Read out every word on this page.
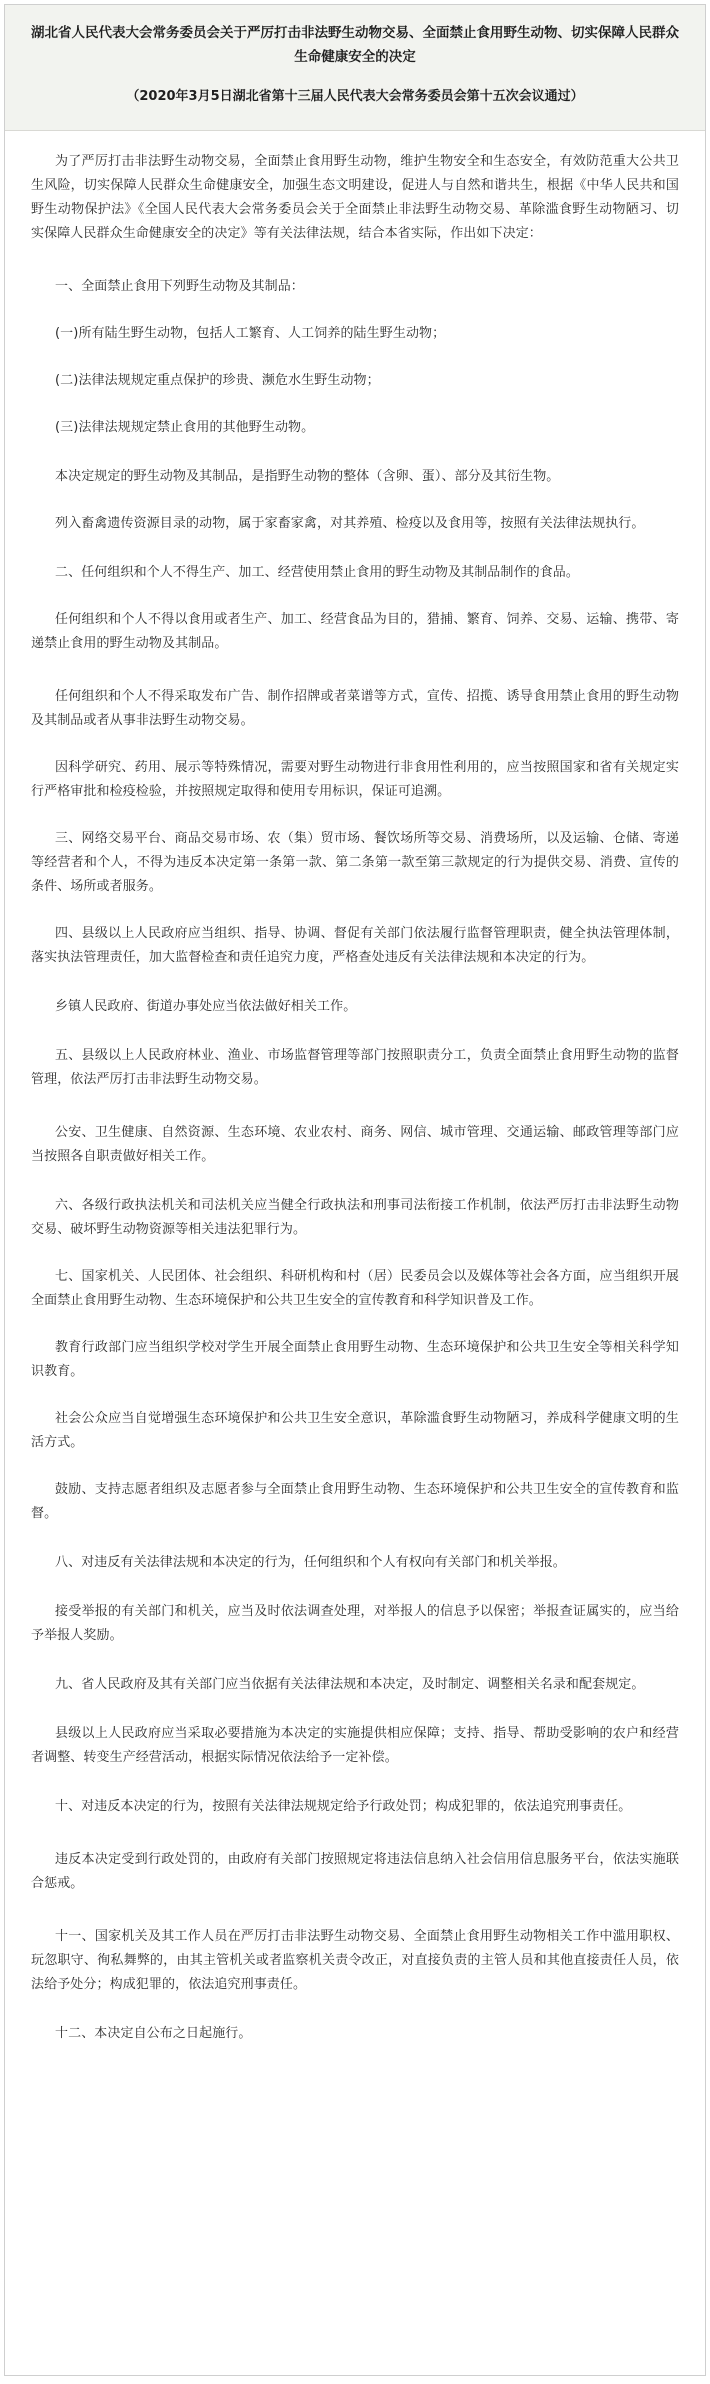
湖北省人民代表大会常务委员会关于严厉打击非法野生动物交易、全面禁止食用野生动物、切实保障人民群众生命健康安全的决定

（2020年3月5日湖北省第十三届人民代表大会常务委员会第十五次会议通过）

为了严厉打击非法野生动物交易，全面禁止食用野生动物，维护生物安全和生态安全，有效防范重大公共卫生风险，切实保障人民群众生命健康安全，加强生态文明建设，促进人与自然和谐共生，根据《中华人民共和国野生动物保护法》《全国人民代表大会常务委员会关于全面禁止非法野生动物交易、革除滥食野生动物陋习、切实保障人民群众生命健康安全的决定》等有关法律法规，结合本省实际，作出如下决定：

一、全面禁止食用下列野生动物及其制品：

(一)所有陆生野生动物，包括人工繁育、人工饲养的陆生野生动物；

(二)法律法规规定重点保护的珍贵、濒危水生野生动物；

(三)法律法规规定禁止食用的其他野生动物。

本决定规定的野生动物及其制品，是指野生动物的整体（含卵、蛋）、部分及其衍生物。

列入畜禽遗传资源目录的动物，属于家畜家禽，对其养殖、检疫以及食用等，按照有关法律法规执行。

二、任何组织和个人不得生产、加工、经营使用禁止食用的野生动物及其制品制作的食品。

任何组织和个人不得以食用或者生产、加工、经营食品为目的，猎捕、繁育、饲养、交易、运输、携带、寄递禁止食用的野生动物及其制品。

任何组织和个人不得采取发布广告、制作招牌或者菜谱等方式，宣传、招揽、诱导食用禁止食用的野生动物及其制品或者从事非法野生动物交易。

因科学研究、药用、展示等特殊情况，需要对野生动物进行非食用性利用的，应当按照国家和省有关规定实行严格审批和检疫检验，并按照规定取得和使用专用标识，保证可追溯。

三、网络交易平台、商品交易市场、农（集）贸市场、餐饮场所等交易、消费场所，以及运输、仓储、寄递等经营者和个人，不得为违反本决定第一条第一款、第二条第一款至第三款规定的行为提供交易、消费、宣传的条件、场所或者服务。

四、县级以上人民政府应当组织、指导、协调、督促有关部门依法履行监督管理职责，健全执法管理体制，落实执法管理责任，加大监督检查和责任追究力度，严格查处违反有关法律法规和本决定的行为。

乡镇人民政府、街道办事处应当依法做好相关工作。

五、县级以上人民政府林业、渔业、市场监督管理等部门按照职责分工，负责全面禁止食用野生动物的监督管理，依法严厉打击非法野生动物交易。

公安、卫生健康、自然资源、生态环境、农业农村、商务、网信、城市管理、交通运输、邮政管理等部门应当按照各自职责做好相关工作。

六、各级行政执法机关和司法机关应当健全行政执法和刑事司法衔接工作机制，依法严厉打击非法野生动物交易、破坏野生动物资源等相关违法犯罪行为。

七、国家机关、人民团体、社会组织、科研机构和村（居）民委员会以及媒体等社会各方面，应当组织开展全面禁止食用野生动物、生态环境保护和公共卫生安全的宣传教育和科学知识普及工作。

教育行政部门应当组织学校对学生开展全面禁止食用野生动物、生态环境保护和公共卫生安全等相关科学知识教育。

社会公众应当自觉增强生态环境保护和公共卫生安全意识，革除滥食野生动物陋习，养成科学健康文明的生活方式。

鼓励、支持志愿者组织及志愿者参与全面禁止食用野生动物、生态环境保护和公共卫生安全的宣传教育和监督。

八、对违反有关法律法规和本决定的行为，任何组织和个人有权向有关部门和机关举报。

接受举报的有关部门和机关，应当及时依法调查处理，对举报人的信息予以保密；举报查证属实的，应当给予举报人奖励。

九、省人民政府及其有关部门应当依据有关法律法规和本决定，及时制定、调整相关名录和配套规定。

县级以上人民政府应当采取必要措施为本决定的实施提供相应保障；支持、指导、帮助受影响的农户和经营者调整、转变生产经营活动，根据实际情况依法给予一定补偿。

十、对违反本决定的行为，按照有关法律法规规定给予行政处罚；构成犯罪的，依法追究刑事责任。

违反本决定受到行政处罚的，由政府有关部门按照规定将违法信息纳入社会信用信息服务平台，依法实施联合惩戒。

十一、国家机关及其工作人员在严厉打击非法野生动物交易、全面禁止食用野生动物相关工作中滥用职权、玩忽职守、徇私舞弊的，由其主管机关或者监察机关责令改正，对直接负责的主管人员和其他直接责任人员，依法给予处分；构成犯罪的，依法追究刑事责任。

十二、本决定自公布之日起施行。
